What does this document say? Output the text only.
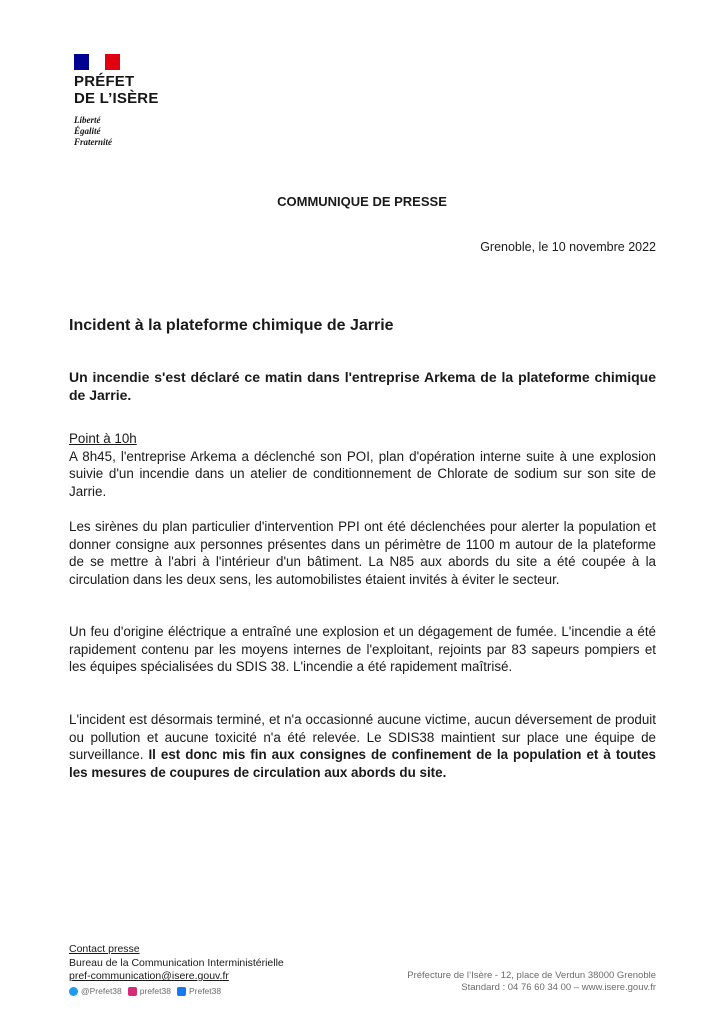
PRÉFET
DE L’ISÈRE
Liberté
Égalité
Fraternité
COMMUNIQUE DE PRESSE
Grenoble, le 10 novembre 2022
Incident à la plateforme chimique de Jarrie
Un incendie s'est déclaré ce matin dans l'entreprise Arkema de la plateforme chimique de Jarrie.

Point à 10h

A 8h45, l'entreprise Arkema a déclenché son POI, plan d'opération interne suite à une explosion suivie d'un incendie dans un atelier de conditionnement de Chlorate de sodium sur son site de Jarrie.

Les sirènes du plan particulier d'intervention PPI ont été déclenchées pour alerter la population et donner consigne aux personnes présentes dans un périmètre de 1100 m autour de la plateforme de se mettre à l'abri à l'intérieur d'un bâtiment. La N85 aux abords du site a été coupée à la circulation dans les deux sens, les automobilistes étaient invités à éviter le secteur.
Un feu d'origine éléctrique a entraîné une explosion et un dégagement de fumée. L'incendie a été rapidement contenu par les moyens internes de l'exploitant, rejoints par 83 sapeurs pompiers et les équipes spécialisées du SDIS 38. L'incendie a été rapidement maîtrisé.
L'incident est désormais terminé, et n'a occasionné aucune victime, aucun déversement de produit ou pollution et aucune toxicité n'a été relevée. Le SDIS38 maintient sur place une équipe de surveillance. Il est donc mis fin aux consignes de confinement de la population et à toutes les mesures de coupures de circulation aux abords du site.
Contact presse
Bureau de la Communication Interministérielle
pref-communication@isere.gouv.fr
@Prefet38 prefet38 Prefet38
Préfecture de l’Isère - 12, place de Verdun 38000 Grenoble
Standard : 04 76 60 34 00 – www.isere.gouv.fr
